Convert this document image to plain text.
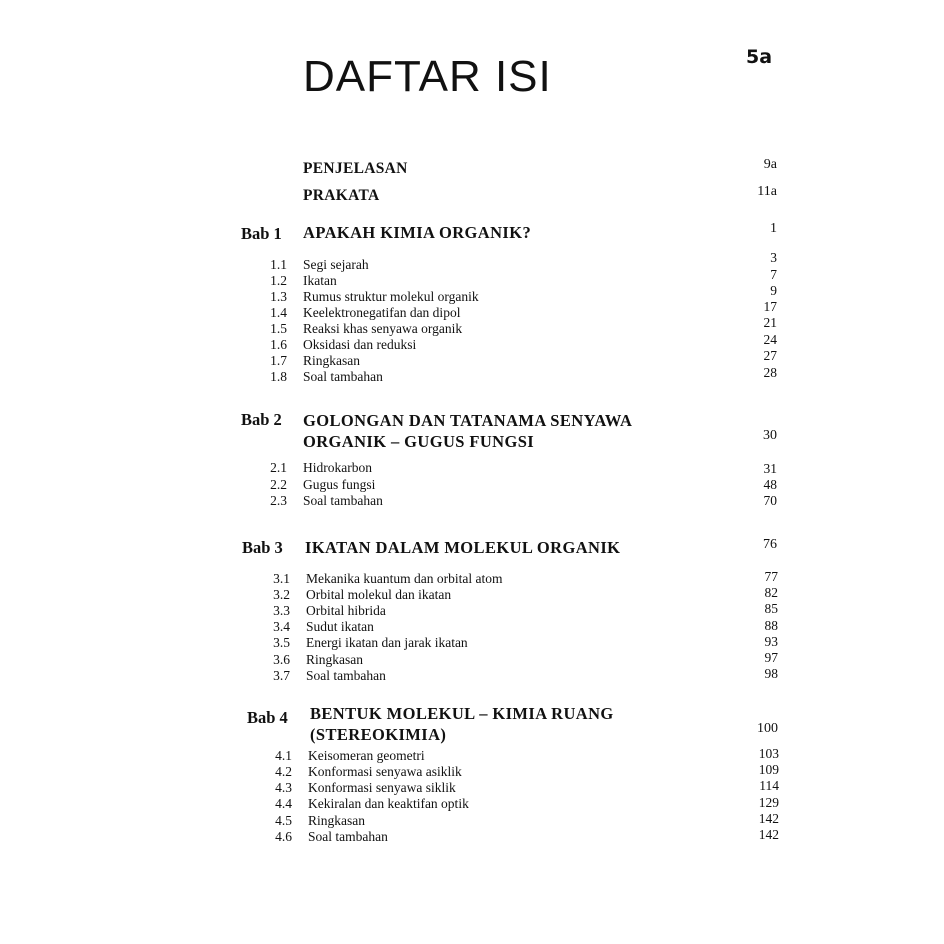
5a
DAFTAR ISI
PENJELASAN	9a
PRAKATA	11a
Bab 1 APAKAH KIMIA ORGANIK?	1
1.1 Segi sejarah	3
1.2 Ikatan	7
1.3 Rumus struktur molekul organik	9
1.4 Keelektronegatifan dan dipol	17
1.5 Reaksi khas senyawa organik	21
1.6 Oksidasi dan reduksi	24
1.7 Ringkasan	27
1.8 Soal tambahan	28
Bab 2 GOLONGAN DAN TATANAMA SENYAWA
ORGANIK – GUGUS FUNGSI	30
2.1 Hidrokarbon	31
2.2 Gugus fungsi	48
2.3 Soal tambahan	70
Bab 3 IKATAN DALAM MOLEKUL ORGANIK	76
3.1 Mekanika kuantum dan orbital atom	77
3.2 Orbital molekul dan ikatan	82
3.3 Orbital hibrida	85
3.4 Sudut ikatan	88
3.5 Energi ikatan dan jarak ikatan	93
3.6 Ringkasan	97
3.7 Soal tambahan	98
Bab 4 BENTUK MOLEKUL – KIMIA RUANG
(STEREOKIMIA)	100
4.1 Keisomeran geometri	103
4.2 Konformasi senyawa asiklik	109
4.3 Konformasi senyawa siklik	114
4.4 Kekiralan dan keaktifan optik	129
4.5 Ringkasan	142
4.6 Soal tambahan	142
